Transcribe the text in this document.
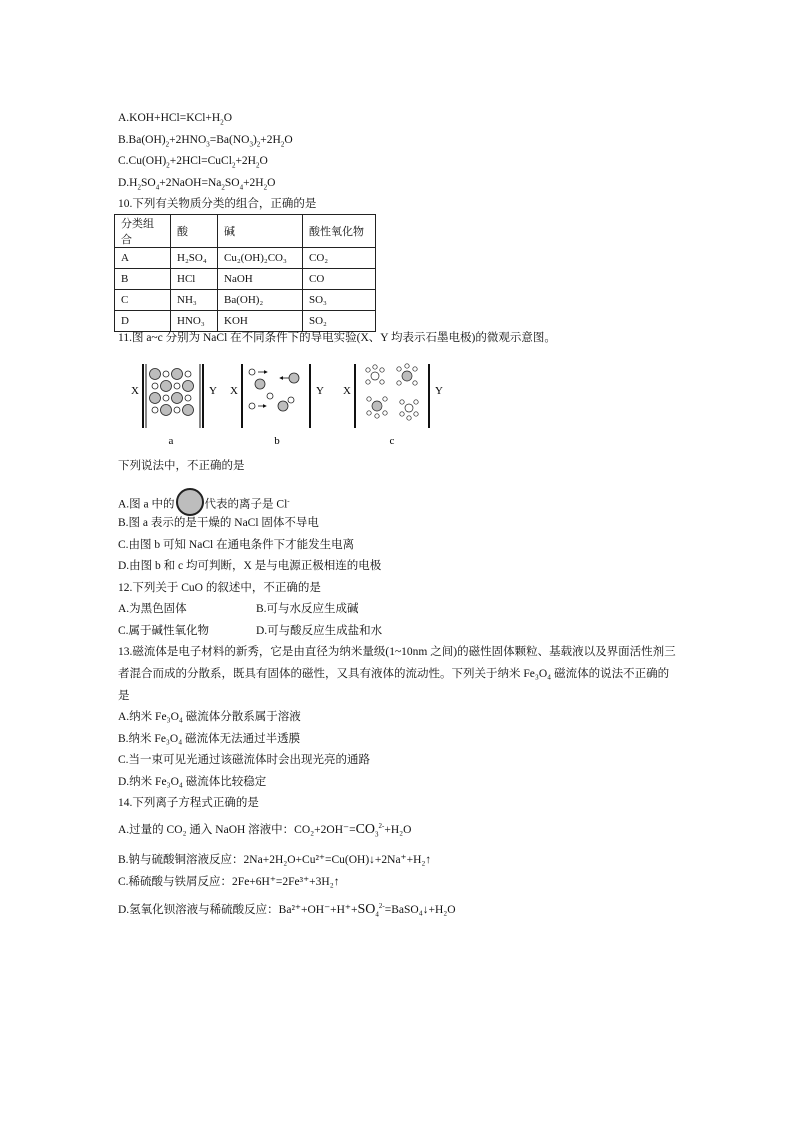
$A.KOH+HCl=KCl+H_2O$
$B.Ba(OH)_2+2HNO_3=Ba(NO_3)_2+2H_2O$
$C.Cu(OH)_2+2HCl=CuCl_2+2H_2O$
$D.H_2SO_4+2NaOH=Na_2SO_4+2H_2O$
10.下列有关物质分类的组合，正确的是
分类组合	酸	碱	酸性氧化物
A	H₂SO₄	Cu₂(OH)₂CO₃	CO₂
B	HCl	NaOH	CO
C	NH₃	Ba(OH)₂	SO₃
D	HNO₃	KOH	SO₂
11.图 a~c 分别为 NaCl 在不同条件下的导电实验(X、Y 均表示石墨电极)的微观示意图。
X	Y
a
X	Y
b
X	Y
c
下列说法中，不正确的是
A.图 a 中的	代表的离子是 Cl-
B.图 a 表示的是干燥的 NaCl 固体不导电
C.由图 b 可知 NaCl 在通电条件下才能发生电离
D.由图 b 和 c 均可判断，X 是与电源正极相连的电极
12.下列关于 CuO 的叙述中，不正确的是
A.为黑色固体	B.可与水反应生成碱
C.属于碱性氧化物	D.可与酸反应生成盐和水
13.磁流体是电子材料的新秀，它是由直径为纳米量级(1~10nm 之间)的磁性固体颗粒、基载液以及界面活性剂三者混合而成的分散系，既具有固体的磁性，又具有液体的流动性。下列关于纳米 Fe₃O₄ 磁流体的说法不正确的是
A.纳米 Fe₃O₄ 磁流体分散系属于溶液
B.纳米 Fe₃O₄ 磁流体无法通过半透膜
C.当一束可见光通过该磁流体时会出现光亮的通路
D.纳米 Fe₃O₄ 磁流体比较稳定
14.下列离子方程式正确的是
A.过量的 CO₂ 通入 NaOH 溶液中：$CO_2+2OH^-=CO_3^{2-}+H_2O$
B.钠与硫酸铜溶液反应：2Na+2H₂O+Cu²⁺=Cu(OH)↓+2Na⁺+H₂↑
C.稀硫酸与铁屑反应：2Fe+6H⁺=2Fe³⁺+3H₂↑
D.氢氧化钡溶液与稀硫酸反应：$Ba^{2+}+OH^-+H^++SO_4^{2-}=BaSO_4↓+H_2O$
